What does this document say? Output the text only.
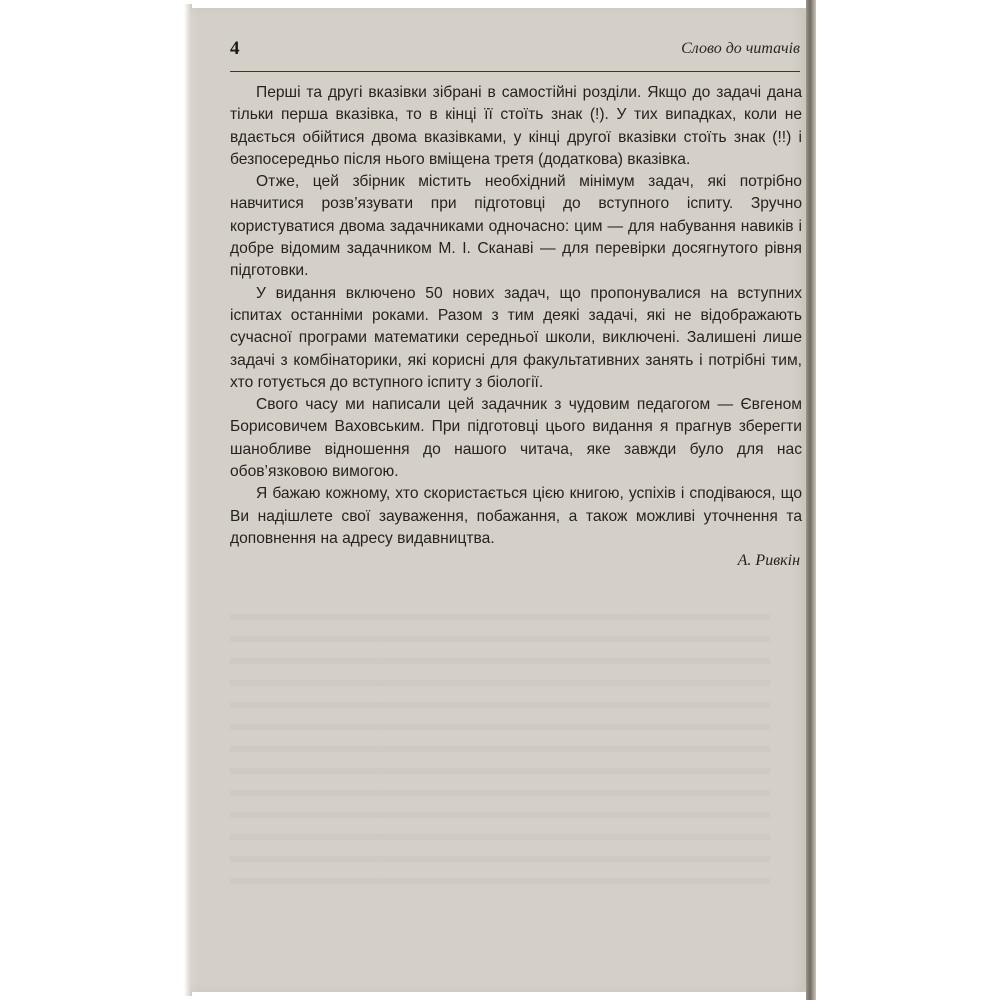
4	Слово до читачів

Перші та другі вказівки зібрані в самостійні розділи. Якщо до задачі дана тільки перша вказівка, то в кінці її стоїть знак (!). У тих випадках, коли не вдається обійтися двома вказівками, у кінці другої вказівки стоїть знак (!!) і безпосередньо після нього вміщена третя (додаткова) вказівка.

Отже, цей збірник містить необхідний мінімум задач, які потрібно навчитися розв’язувати при підготовці до вступного іспиту. Зручно користуватися двома задачниками одночасно: цим — для набування навиків і добре відомим задачником М. І. Сканаві — для перевірки досягнутого рівня підготовки.

У видання включено 50 нових задач, що пропонувалися на вступних іспитах останніми роками. Разом з тим деякі задачі, які не відображають сучасної програми математики середньої школи, виключені. Залишені лише задачі з комбінаторики, які корисні для факультативних занять і потрібні тим, хто готується до вступного іспиту з біології.

Свого часу ми написали цей задачник з чудовим педагогом — Євгеном Борисовичем Ваховським. При підготовці цього видання я прагнув зберегти шанобливе відношення до нашого читача, яке завжди було для нас обов’язковою вимогою.

Я бажаю кожному, хто скористається цією книгою, успіхів і сподіваюся, що Ви надішлете свої зауваження, побажання, а також можливі уточнення та доповнення на адресу видавництва.

А. Ривкін
